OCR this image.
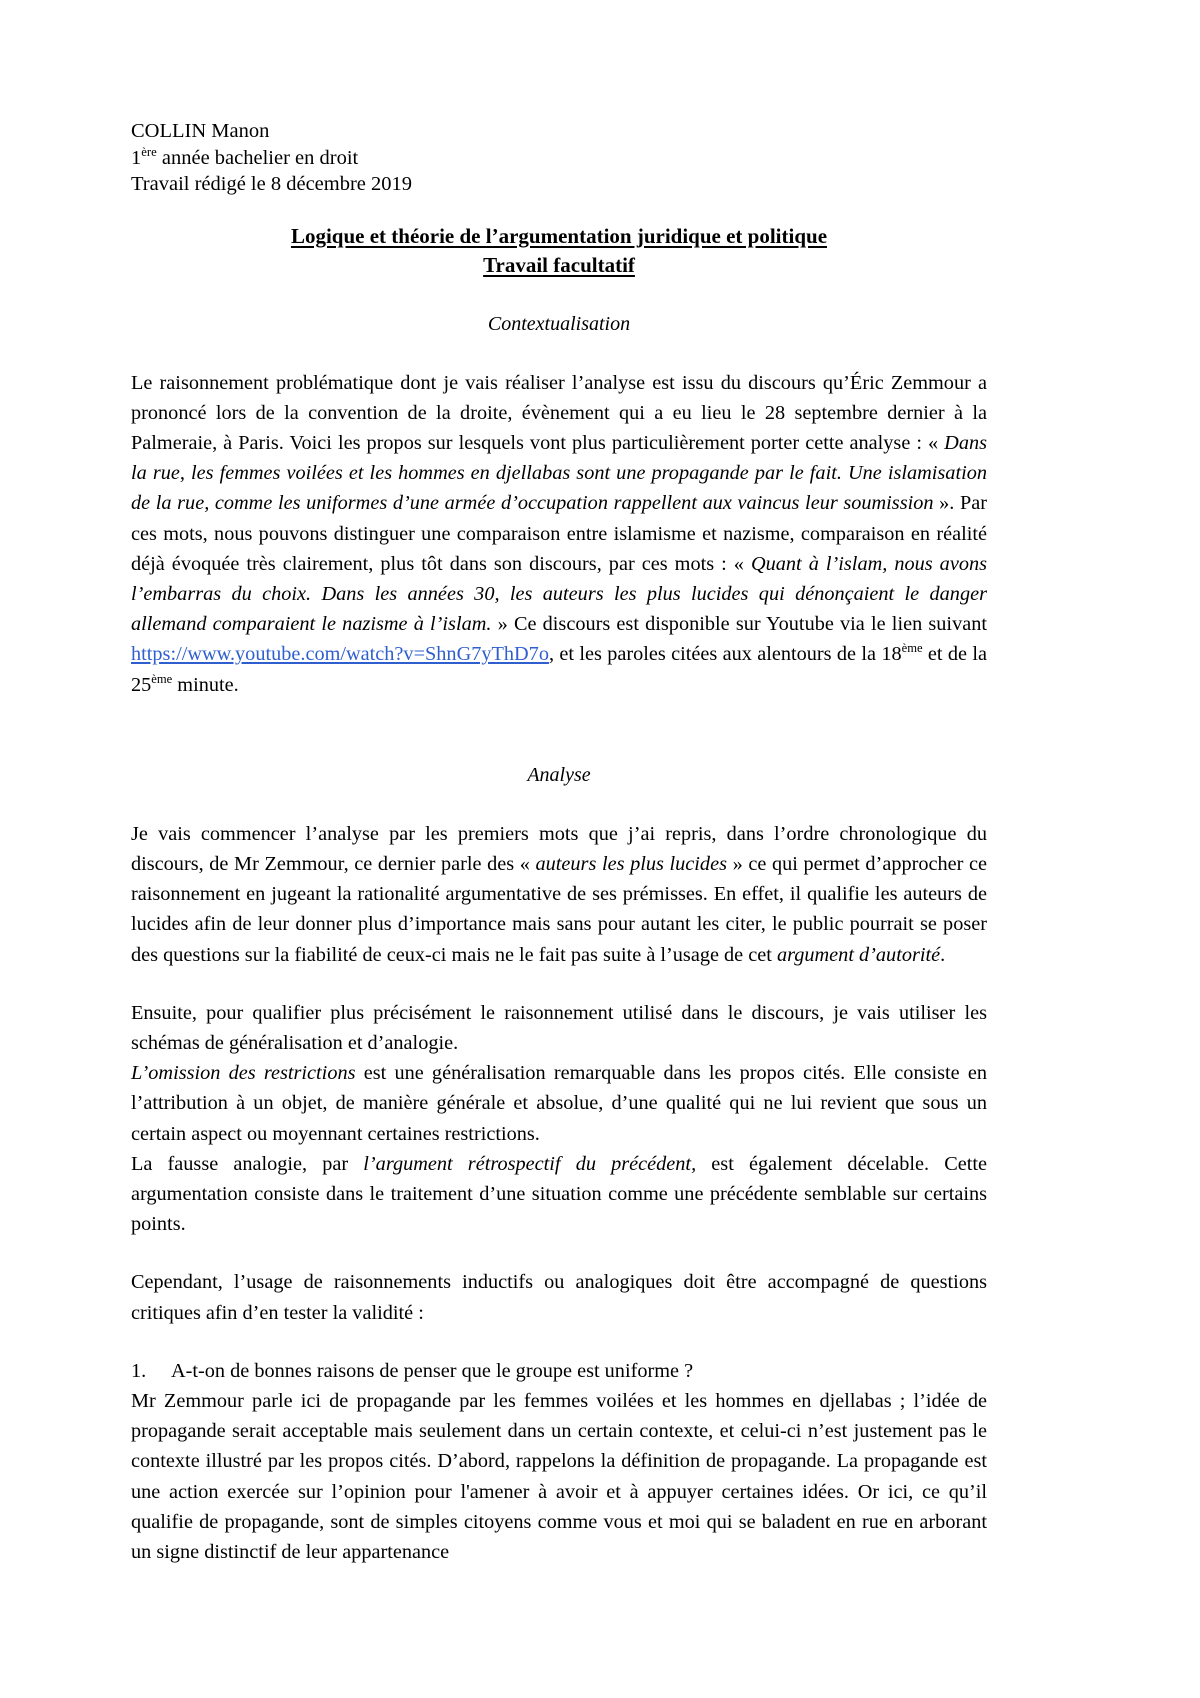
COLLIN Manon
1ère année bachelier en droit
Travail rédigé le 8 décembre 2019
Logique et théorie de l’argumentation juridique et politique
Travail facultatif
Contextualisation

Le raisonnement problématique dont je vais réaliser l’analyse est issu du discours qu’Éric Zemmour a prononcé lors de la convention de la droite, évènement qui a eu lieu le 28 septembre dernier à la Palmeraie, à Paris. Voici les propos sur lesquels vont plus particulièrement porter cette analyse : « Dans la rue, les femmes voilées et les hommes en djellabas sont une propagande par le fait. Une islamisation de la rue, comme les uniformes d’une armée d’occupation rappellent aux vaincus leur soumission ». Par ces mots, nous pouvons distinguer une comparaison entre islamisme et nazisme, comparaison en réalité déjà évoquée très clairement, plus tôt dans son discours, par ces mots : « Quant à l’islam, nous avons l’embarras du choix. Dans les années 30, les auteurs les plus lucides qui dénonçaient le danger allemand comparaient le nazisme à l’islam. » Ce discours est disponible sur Youtube via le lien suivant https://www.youtube.com/watch?v=ShnG7yThD7o, et les paroles citées aux alentours de la 18ème et de la 25ème minute.

Analyse

Je vais commencer l’analyse par les premiers mots que j’ai repris, dans l’ordre chronologique du discours, de Mr Zemmour, ce dernier parle des « auteurs les plus lucides » ce qui permet d’approcher ce raisonnement en jugeant la rationalité argumentative de ses prémisses. En effet, il qualifie les auteurs de lucides afin de leur donner plus d’importance mais sans pour autant les citer, le public pourrait se poser des questions sur la fiabilité de ceux-ci mais ne le fait pas suite à l’usage de cet argument d’autorité.

Ensuite, pour qualifier plus précisément le raisonnement utilisé dans le discours, je vais utiliser les schémas de généralisation et d’analogie.

L’omission des restrictions est une généralisation remarquable dans les propos cités. Elle consiste en l’attribution à un objet, de manière générale et absolue, d’une qualité qui ne lui revient que sous un certain aspect ou moyennant certaines restrictions.

La fausse analogie, par l’argument rétrospectif du précédent, est également décelable. Cette argumentation consiste dans le traitement d’une situation comme une précédente semblable sur certains points.

Cependant, l’usage de raisonnements inductifs ou analogiques doit être accompagné de questions critiques afin d’en tester la validité :

1. A-t-on de bonnes raisons de penser que le groupe est uniforme ?

Mr Zemmour parle ici de propagande par les femmes voilées et les hommes en djellabas ; l’idée de propagande serait acceptable mais seulement dans un certain contexte, et celui-ci n’est justement pas le contexte illustré par les propos cités. D’abord, rappelons la définition de propagande. La propagande est une action exercée sur l’opinion pour l'amener à avoir et à appuyer certaines idées. Or ici, ce qu’il qualifie de propagande, sont de simples citoyens comme vous et moi qui se baladent en rue en arborant un signe distinctif de leur appartenance
